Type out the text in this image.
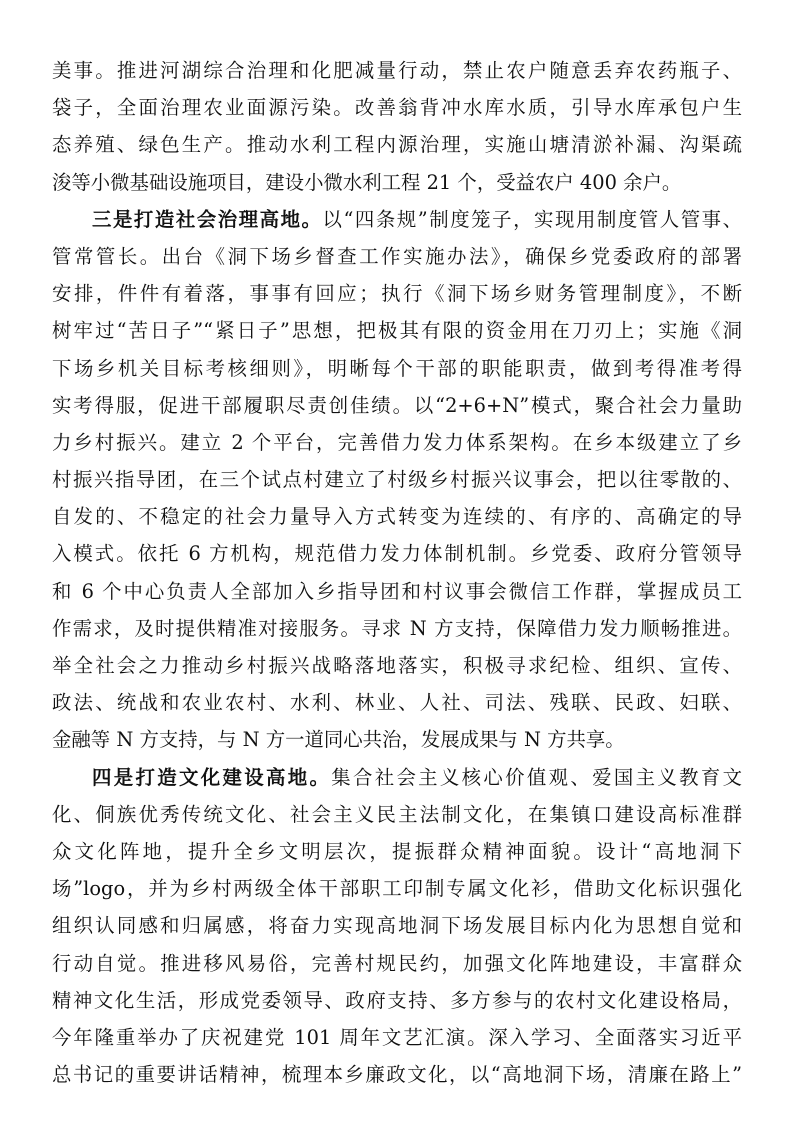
美事。推进河湖综合治理和化肥减量行动，禁止农户随意丢弃农药瓶子、
袋子，全面治理农业面源污染。改善翁背冲水库水质，引导水库承包户生
态养殖、绿色生产。推动水利工程内源治理，实施山塘清淤补漏、沟渠疏
浚等小微基础设施项目，建设小微水利工程 21 个，受益农户 400 余户。
三是打造社会治理高地。以“四条规”制度笼子，实现用制度管人管事、
管常管长。出台《洞下场乡督查工作实施办法》，确保乡党委政府的部署
安排，件件有着落，事事有回应；执行《洞下场乡财务管理制度》，不断
树牢过“苦日子”“紧日子”思想，把极其有限的资金用在刀刃上；实施《洞
下场乡机关目标考核细则》，明晰每个干部的职能职责，做到考得准考得
实考得服，促进干部履职尽责创佳绩。以“2+6+N”模式，聚合社会力量助
力乡村振兴。建立 2 个平台，完善借力发力体系架构。在乡本级建立了乡
村振兴指导团，在三个试点村建立了村级乡村振兴议事会，把以往零散的、
自发的、不稳定的社会力量导入方式转变为连续的、有序的、高确定的导
入模式。依托 6 方机构，规范借力发力体制机制。乡党委、政府分管领导
和 6 个中心负责人全部加入乡指导团和村议事会微信工作群，掌握成员工
作需求，及时提供精准对接服务。寻求 N 方支持，保障借力发力顺畅推进。
举全社会之力推动乡村振兴战略落地落实，积极寻求纪检、组织、宣传、
政法、统战和农业农村、水利、林业、人社、司法、残联、民政、妇联、
金融等 N 方支持，与 N 方一道同心共治，发展成果与 N 方共享。
四是打造文化建设高地。集合社会主义核心价值观、爱国主义教育文
化、侗族优秀传统文化、社会主义民主法制文化，在集镇口建设高标准群
众文化阵地，提升全乡文明层次，提振群众精神面貌。设计“高地洞下
场”logo，并为乡村两级全体干部职工印制专属文化衫，借助文化标识强化
组织认同感和归属感，将奋力实现高地洞下场发展目标内化为思想自觉和
行动自觉。推进移风易俗，完善村规民约，加强文化阵地建设，丰富群众
精神文化生活，形成党委领导、政府支持、多方参与的农村文化建设格局，
今年隆重举办了庆祝建党 101 周年文艺汇演。深入学习、全面落实习近平
总书记的重要讲话精神，梳理本乡廉政文化，以“高地洞下场，清廉在路上”
